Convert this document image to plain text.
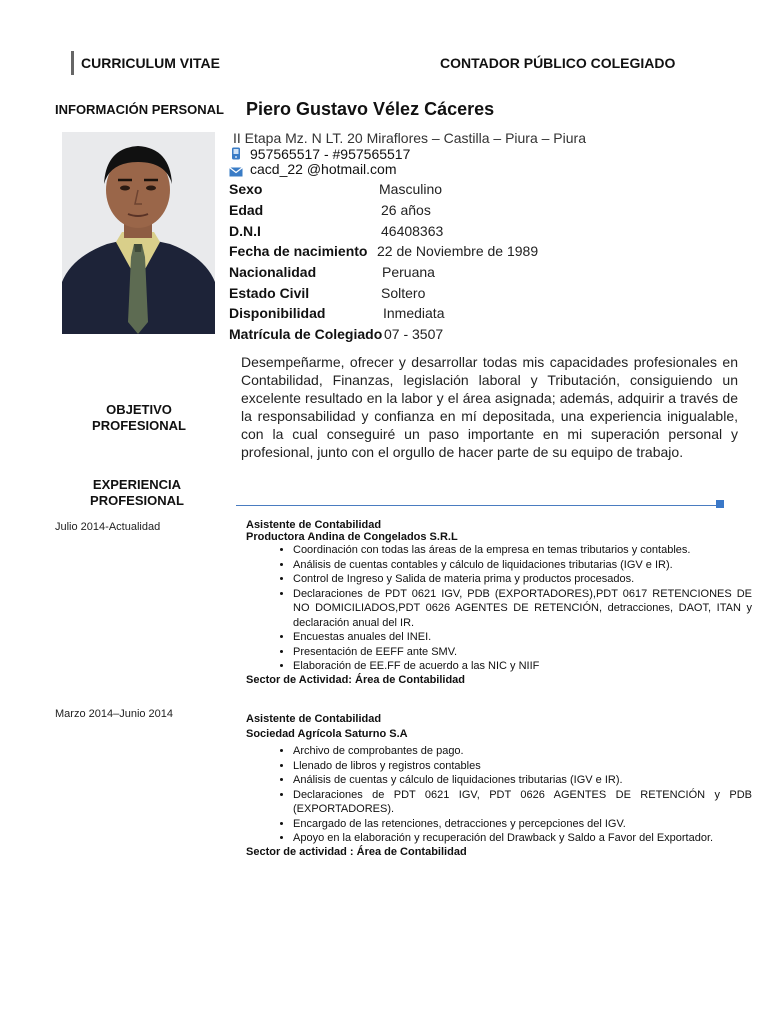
CURRICULUM VITAE	CONTADOR PÚBLICO COLEGIADO
INFORMACIÓN PERSONAL Piero Gustavo Vélez Cáceres
II Etapa Mz. N LT. 20 Miraflores – Castilla – Piura – Piura
957565517 - #957565517
cacd_22 @hotmail.com
Sexo	Masculino
Edad	26 años
D.N.I	46408363
Fecha de nacimiento 22 de Noviembre de 1989
Nacionalidad	Peruana
Estado Civil	Soltero
Disponibilidad	Inmediata
Matrícula de Colegiado 07 - 3507
Desempeñarme, ofrecer y desarrollar todas mis capacidades profesionales en Contabilidad, Finanzas, legislación laboral y Tributación, consiguiendo un excelente resultado en la labor y el área asignada; además, adquirir a través de la responsabilidad y confianza en mí depositada, una experiencia inigualable, con la cual conseguiré un paso importante en mi superación personal y profesional, junto con el orgullo de hacer parte de su equipo de trabajo.
OBJETIVO
PROFESIONAL
EXPERIENCIA
PROFESIONAL
Julio 2014-Actualidad	Asistente de Contabilidad
Productora Andina de Congelados S.R.L
• Coordinación con todas las áreas de la empresa en temas tributarios y contables.
• Análisis de cuentas contables y cálculo de liquidaciones tributarias (IGV e IR).
• Control de Ingreso y Salida de materia prima y productos procesados.
• Declaraciones de PDT 0621 IGV, PDB (EXPORTADORES),PDT 0617 RETENCIONES DE NO DOMICILIADOS,PDT 0626 AGENTES DE RETENCIÓN, detracciones, DAOT, ITAN y declaración anual del IR.
• Encuestas anuales del INEI.
• Presentación de EEFF ante SMV.
• Elaboración de EE.FF de acuerdo a las NIC y NIIF
Sector de Actividad: Área de Contabilidad
Marzo 2014–Junio 2014	Asistente de Contabilidad
Sociedad Agrícola Saturno S.A
• Archivo de comprobantes de pago.
• Llenado de libros y registros contables
• Análisis de cuentas y cálculo de liquidaciones tributarias (IGV e IR).
• Declaraciones de PDT 0621 IGV, PDT 0626 AGENTES DE RETENCIÓN y PDB (EXPORTADORES).
• Encargado de las retenciones, detracciones y percepciones del IGV.
• Apoyo en la elaboración y recuperación del Drawback y Saldo a Favor del Exportador.
Sector de actividad : Área de Contabilidad
